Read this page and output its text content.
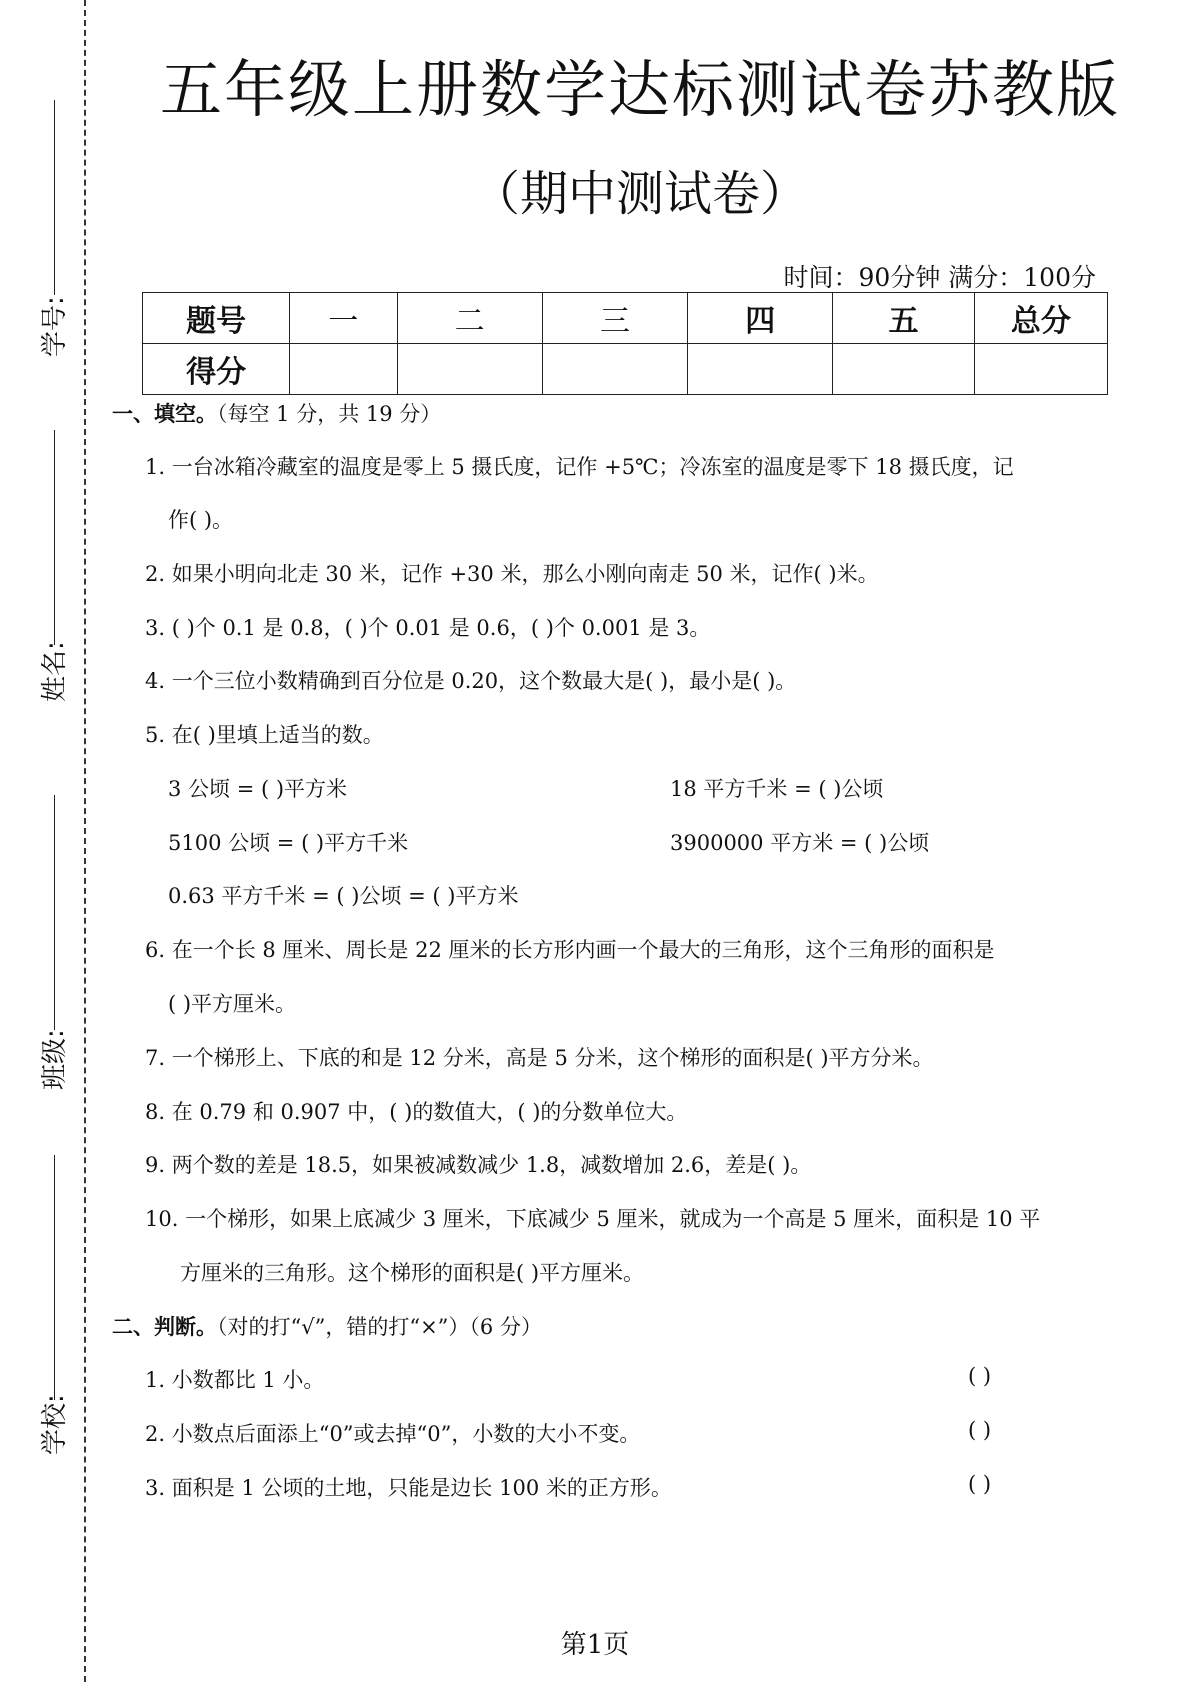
学号:
姓名:
班级:
学校:
五年级上册数学达标测试卷苏教版
（期中测试卷）
时间：90分钟 满分：100分
题号	一	二	三	四	五	总分
得分						
一、填空。（每空 1 分，共 19 分）
1. 一台冰箱冷藏室的温度是零上 5 摄氏度，记作 +5℃；冷冻室的温度是零下 18 摄氏度，记
作( )。
2. 如果小明向北走 30 米，记作 +30 米，那么小刚向南走 50 米，记作( )米。
3. ( )个 0.1 是 0.8，( )个 0.01 是 0.6，( )个 0.001 是 3。
4. 一个三位小数精确到百分位是 0.20，这个数最大是( )，最小是( )。
5. 在( )里填上适当的数。
3 公顷 = ( )平方米	18 平方千米 = ( )公顷
5100 公顷 = ( )平方千米	3900000 平方米 = ( )公顷
0.63 平方千米 = ( )公顷 = ( )平方米
6. 在一个长 8 厘米、周长是 22 厘米的长方形内画一个最大的三角形，这个三角形的面积是
( )平方厘米。
7. 一个梯形上、下底的和是 12 分米，高是 5 分米，这个梯形的面积是( )平方分米。
8. 在 0.79 和 0.907 中，( )的数值大，( )的分数单位大。
9. 两个数的差是 18.5，如果被减数减少 1.8，减数增加 2.6，差是( )。
10. 一个梯形，如果上底减少 3 厘米，下底减少 5 厘米，就成为一个高是 5 厘米，面积是 10 平
方厘米的三角形。这个梯形的面积是( )平方厘米。
二、判断。（对的打“√”，错的打“×”）（6 分）
1. 小数都比 1 小。	( )
2. 小数点后面添上“0”或去掉“0”，小数的大小不变。	( )
3. 面积是 1 公顷的土地，只能是边长 100 米的正方形。	( )
第1页
